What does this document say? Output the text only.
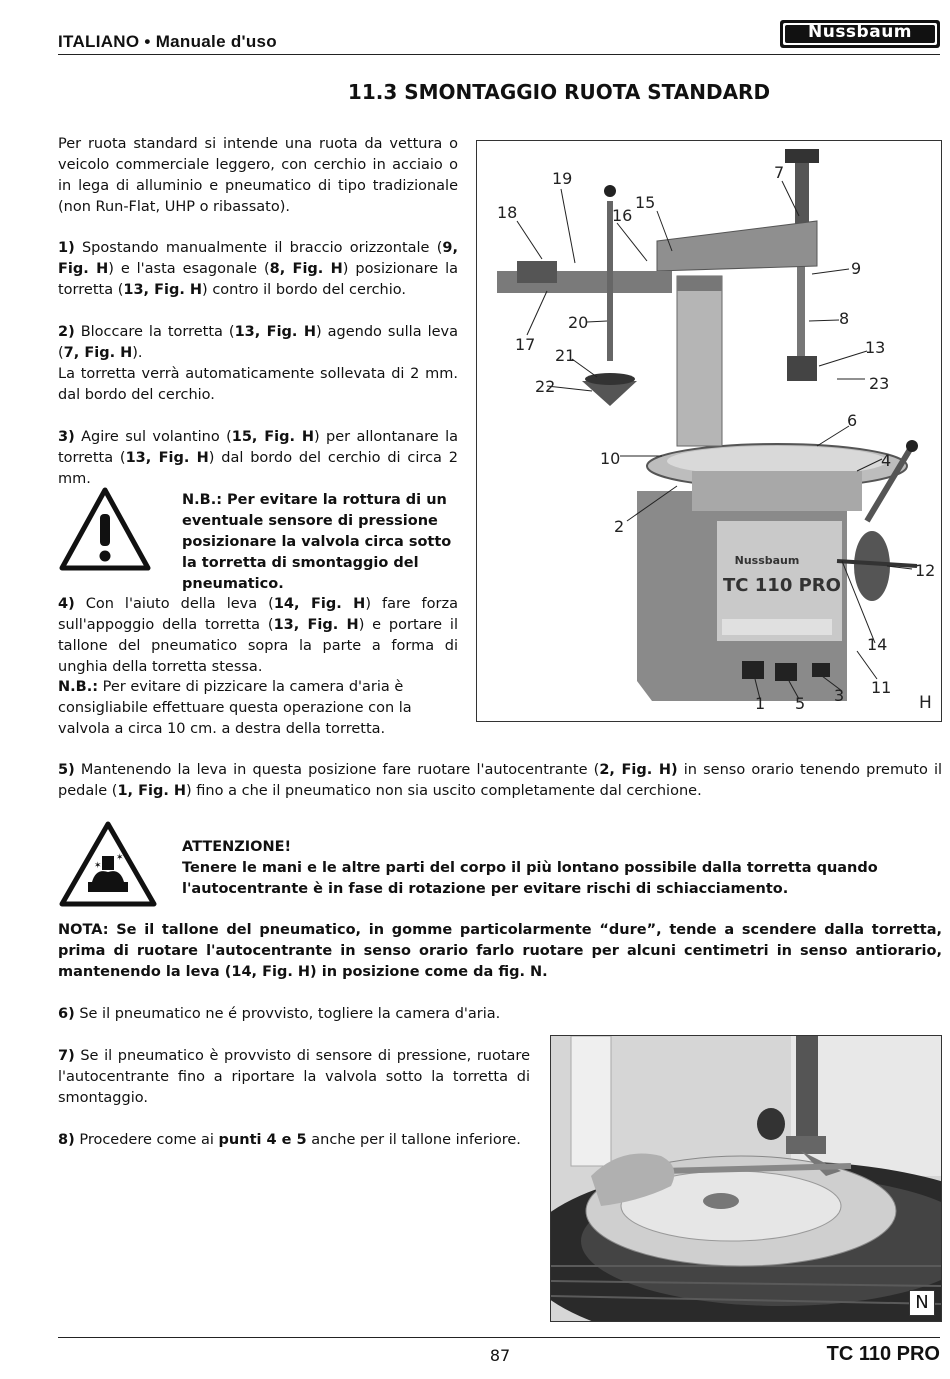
ITALIANO • Manuale d'uso	Nussbaum
11.3 SMONTAGGIO RUOTA STANDARD
Per ruota standard si intende una ruota da vettura o veicolo commerciale leggero, con cerchio in acciaio o in lega di alluminio e pneumatico di tipo tradizionale (non Run-Flat, UHP o ribassato).
1) Spostando manualmente il braccio orizzontale (9, Fig. H) e l'asta esagonale (8, Fig. H) posizionare la torretta (13, Fig. H) contro il bordo del cerchio.
2) Bloccare la torretta (13, Fig. H) agendo sulla leva (7, Fig. H).
La torretta verrà automaticamente sollevata di 2 mm. dal bordo del cerchio.
3) Agire sul volantino (15, Fig. H) per allontanare la torretta (13, Fig. H) dal bordo del cerchio di circa 2 mm.
N.B.: Per evitare la rottura di un eventuale sensore di pressione posizionare la valvola circa sotto la torretta di smontaggio del pneumatico.
4) Con l'aiuto della leva (14, Fig. H) fare forza sull'appoggio della torretta (13, Fig. H) e portare il tallone del pneumatico sopra la parte a forma di unghia della torretta stessa.
N.B.: Per evitare di pizzicare la camera d'aria è consigliabile effettuare questa operazione con la valvola a circa 10 cm. a destra della torretta.
Nussbaum
TC 110 PRO
19	7
18	16
15
9
20	8
17	13
21
22	23
6
10	4
2
12
14
11
3
1 5	H
5) Mantenendo la leva in questa posizione fare ruotare l'autocentrante (2, Fig. H) in senso orario tenendo premuto il pedale (1, Fig. H) fino a che il pneumatico non sia uscito completamente dal cerchione.
✶
✶
ATTENZIONE!
Tenere le mani e le altre parti del corpo il più lontano possibile dalla torretta quando l'autocentrante è in fase di rotazione per evitare rischi di schiacciamento.
NOTA: Se il tallone del pneumatico, in gomme particolarmente “dure”, tende a scendere dalla torretta, prima di ruotare l'autocentrante in senso orario farlo ruotare per alcuni centimetri in senso antiorario, mantenendo la leva (14, Fig. H) in posizione come da fig. N.
6) Se il pneumatico ne é provvisto, togliere la camera d'aria.
7) Se il pneumatico è provvisto di sensore di pressione, ruotare l'autocentrante fino a riportare la valvola sotto la torretta di smontaggio.
8) Procedere come ai punti 4 e 5 anche per il tallone inferiore.
N
87	TC 110 PRO
